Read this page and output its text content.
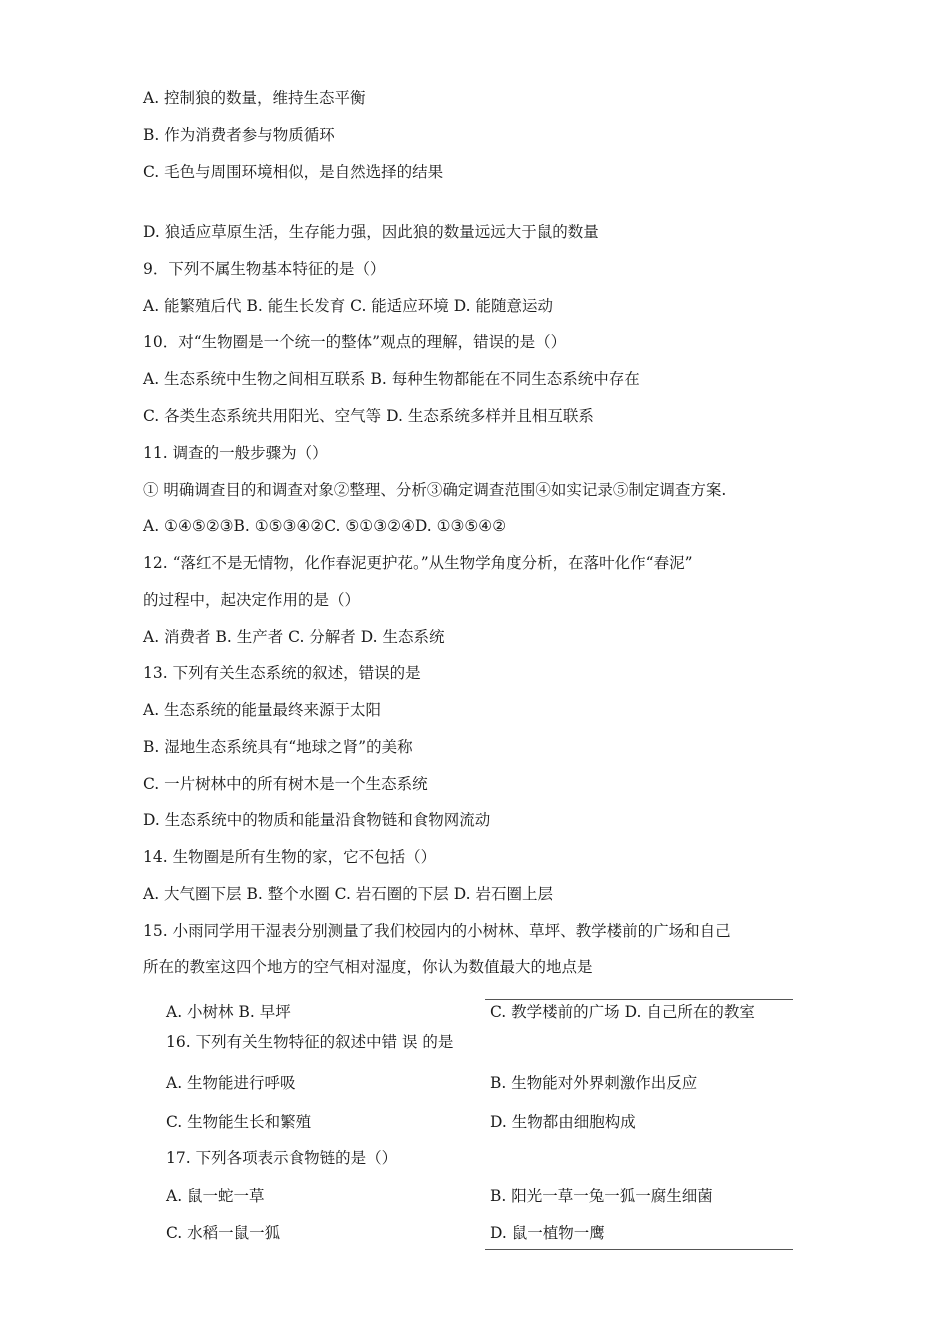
A. 控制狼的数量，维持生态平衡
B. 作为消费者参与物质循环
C. 毛色与周围环境相似，是自然选择的结果
D. 狼适应草原生活，生存能力强，因此狼的数量远远大于鼠的数量
9．下列不属生物基本特征的是（）
A. 能繁殖后代 B. 能生长发育 C. 能适应环境 D. 能随意运动
10．对“生物圈是一个统一的整体”观点的理解，错误的是（）
A. 生态系统中生物之间相互联系 B. 每种生物都能在不同生态系统中存在
C. 各类生态系统共用阳光、空气等 D. 生态系统多样并且相互联系
11. 调查的一般步骤为（）
① 明确调查目的和调查对象②整理、分析③确定调查范围④如实记录⑤制定调查方案.
A. ①④⑤②③B. ①⑤③④②C. ⑤①③②④D. ①③⑤④②
12. “落红不是无情物，化作春泥更护花。”从生物学角度分析，在落叶化作“春泥”
的过程中，起决定作用的是（）
A. 消费者 B. 生产者 C. 分解者 D. 生态系统
13. 下列有关生态系统的叙述，错误的是
A. 生态系统的能量最终来源于太阳
B. 湿地生态系统具有“地球之肾”的美称
C. 一片树林中的所有树木是一个生态系统
D. 生态系统中的物质和能量沿食物链和食物网流动
14. 生物圈是所有生物的家，它不包括（）
A. 大气圈下层 B. 整个水圈 C. 岩石圈的下层 D. 岩石圈上层
15. 小雨同学用干湿表分别测量了我们校园内的小树林、草坪、教学楼前的广场和自己
所在的教室这四个地方的空气相对湿度，你认为数值最大的地点是
A. 小树林 B. 早坪	C. 教学楼前的广场 D. 自己所在的教室
16. 下列有关生物特征的叙述中错 误 的是
A. 生物能进行呼吸	B. 生物能对外界刺激作出反应
C. 生物能生长和繁殖	D. 生物都由细胞构成
17. 下列各项表示食物链的是（）
A. 鼠一蛇一草	B. 阳光一草一兔一狐一腐生细菌
C. 水稻一鼠一狐	D. 鼠一植物一鹰
